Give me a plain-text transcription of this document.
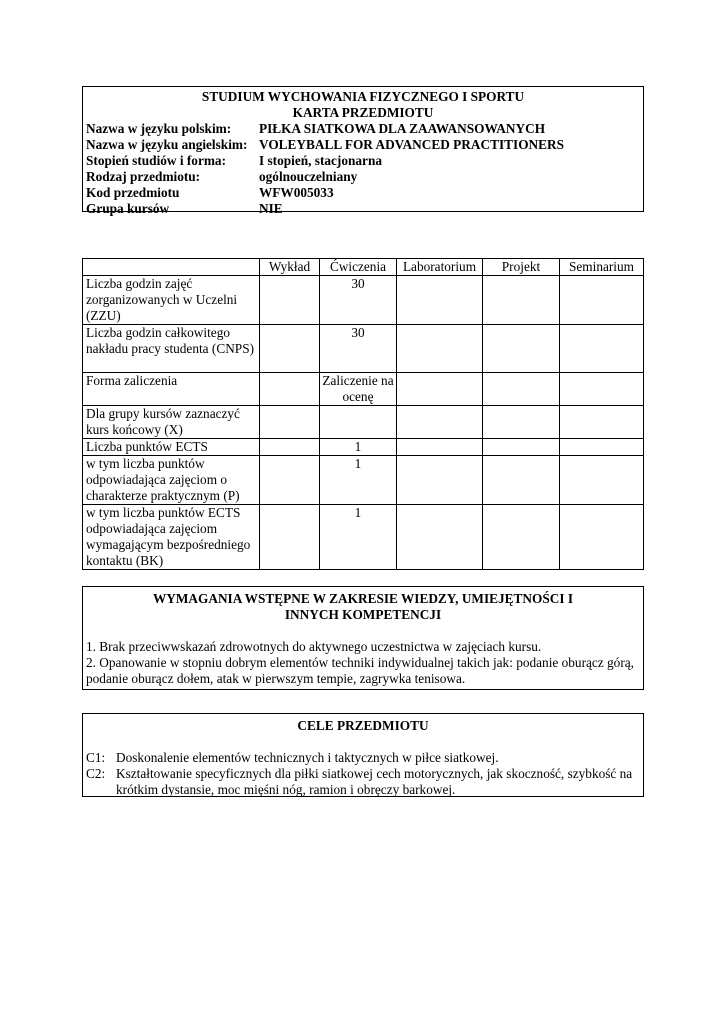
STUDIUM WYCHOWANIA FIZYCZNEGO I SPORTU
KARTA PRZEDMIOTU
Nazwa w języku polskim:	PIŁKA SIATKOWA DLA ZAAWANSOWANYCH
Nazwa w języku angielskim: VOLEYBALL FOR ADVANCED PRACTITIONERS
Stopień studiów i forma:	I stopień, stacjonarna
Rodzaj przedmiotu:	ogólnouczelniany
Kod przedmiotu	WFW005033
Grupa kursów	NIE
	Wykład	Ćwiczenia	Laboratorium	Projekt	Seminarium
Liczba godzin zajęć zorganizowanych w Uczelni (ZZU)		30			
Liczba godzin całkowitego nakładu pracy studenta (CNPS)		30			
Forma zaliczenia		Zaliczenie na ocenę			
Dla grupy kursów zaznaczyć kurs końcowy (X)					
Liczba punktów ECTS		1			
w tym liczba punktów odpowiadająca zajęciom o charakterze praktycznym (P)		1			
w tym liczba punktów ECTS odpowiadająca zajęciom wymagającym bezpośredniego kontaktu (BK)		1			
WYMAGANIA WSTĘPNE W ZAKRESIE WIEDZY, UMIEJĘTNOŚCI I INNYCH KOMPETENCJI
1. Brak przeciwwskazań zdrowotnych do aktywnego uczestnictwa w zajęciach kursu.
2. Opanowanie w stopniu dobrym elementów techniki indywidualnej takich jak: podanie oburącz górą, podanie oburącz dołem, atak w pierwszym tempie, zagrywka tenisowa.
CELE PRZEDMIOTU
C1: Doskonalenie elementów technicznych i taktycznych w piłce siatkowej.
C2: Kształtowanie specyficznych dla piłki siatkowej cech motorycznych, jak skoczność, szybkość na krótkim dystansie, moc mięśni nóg, ramion i obręczy barkowej.
